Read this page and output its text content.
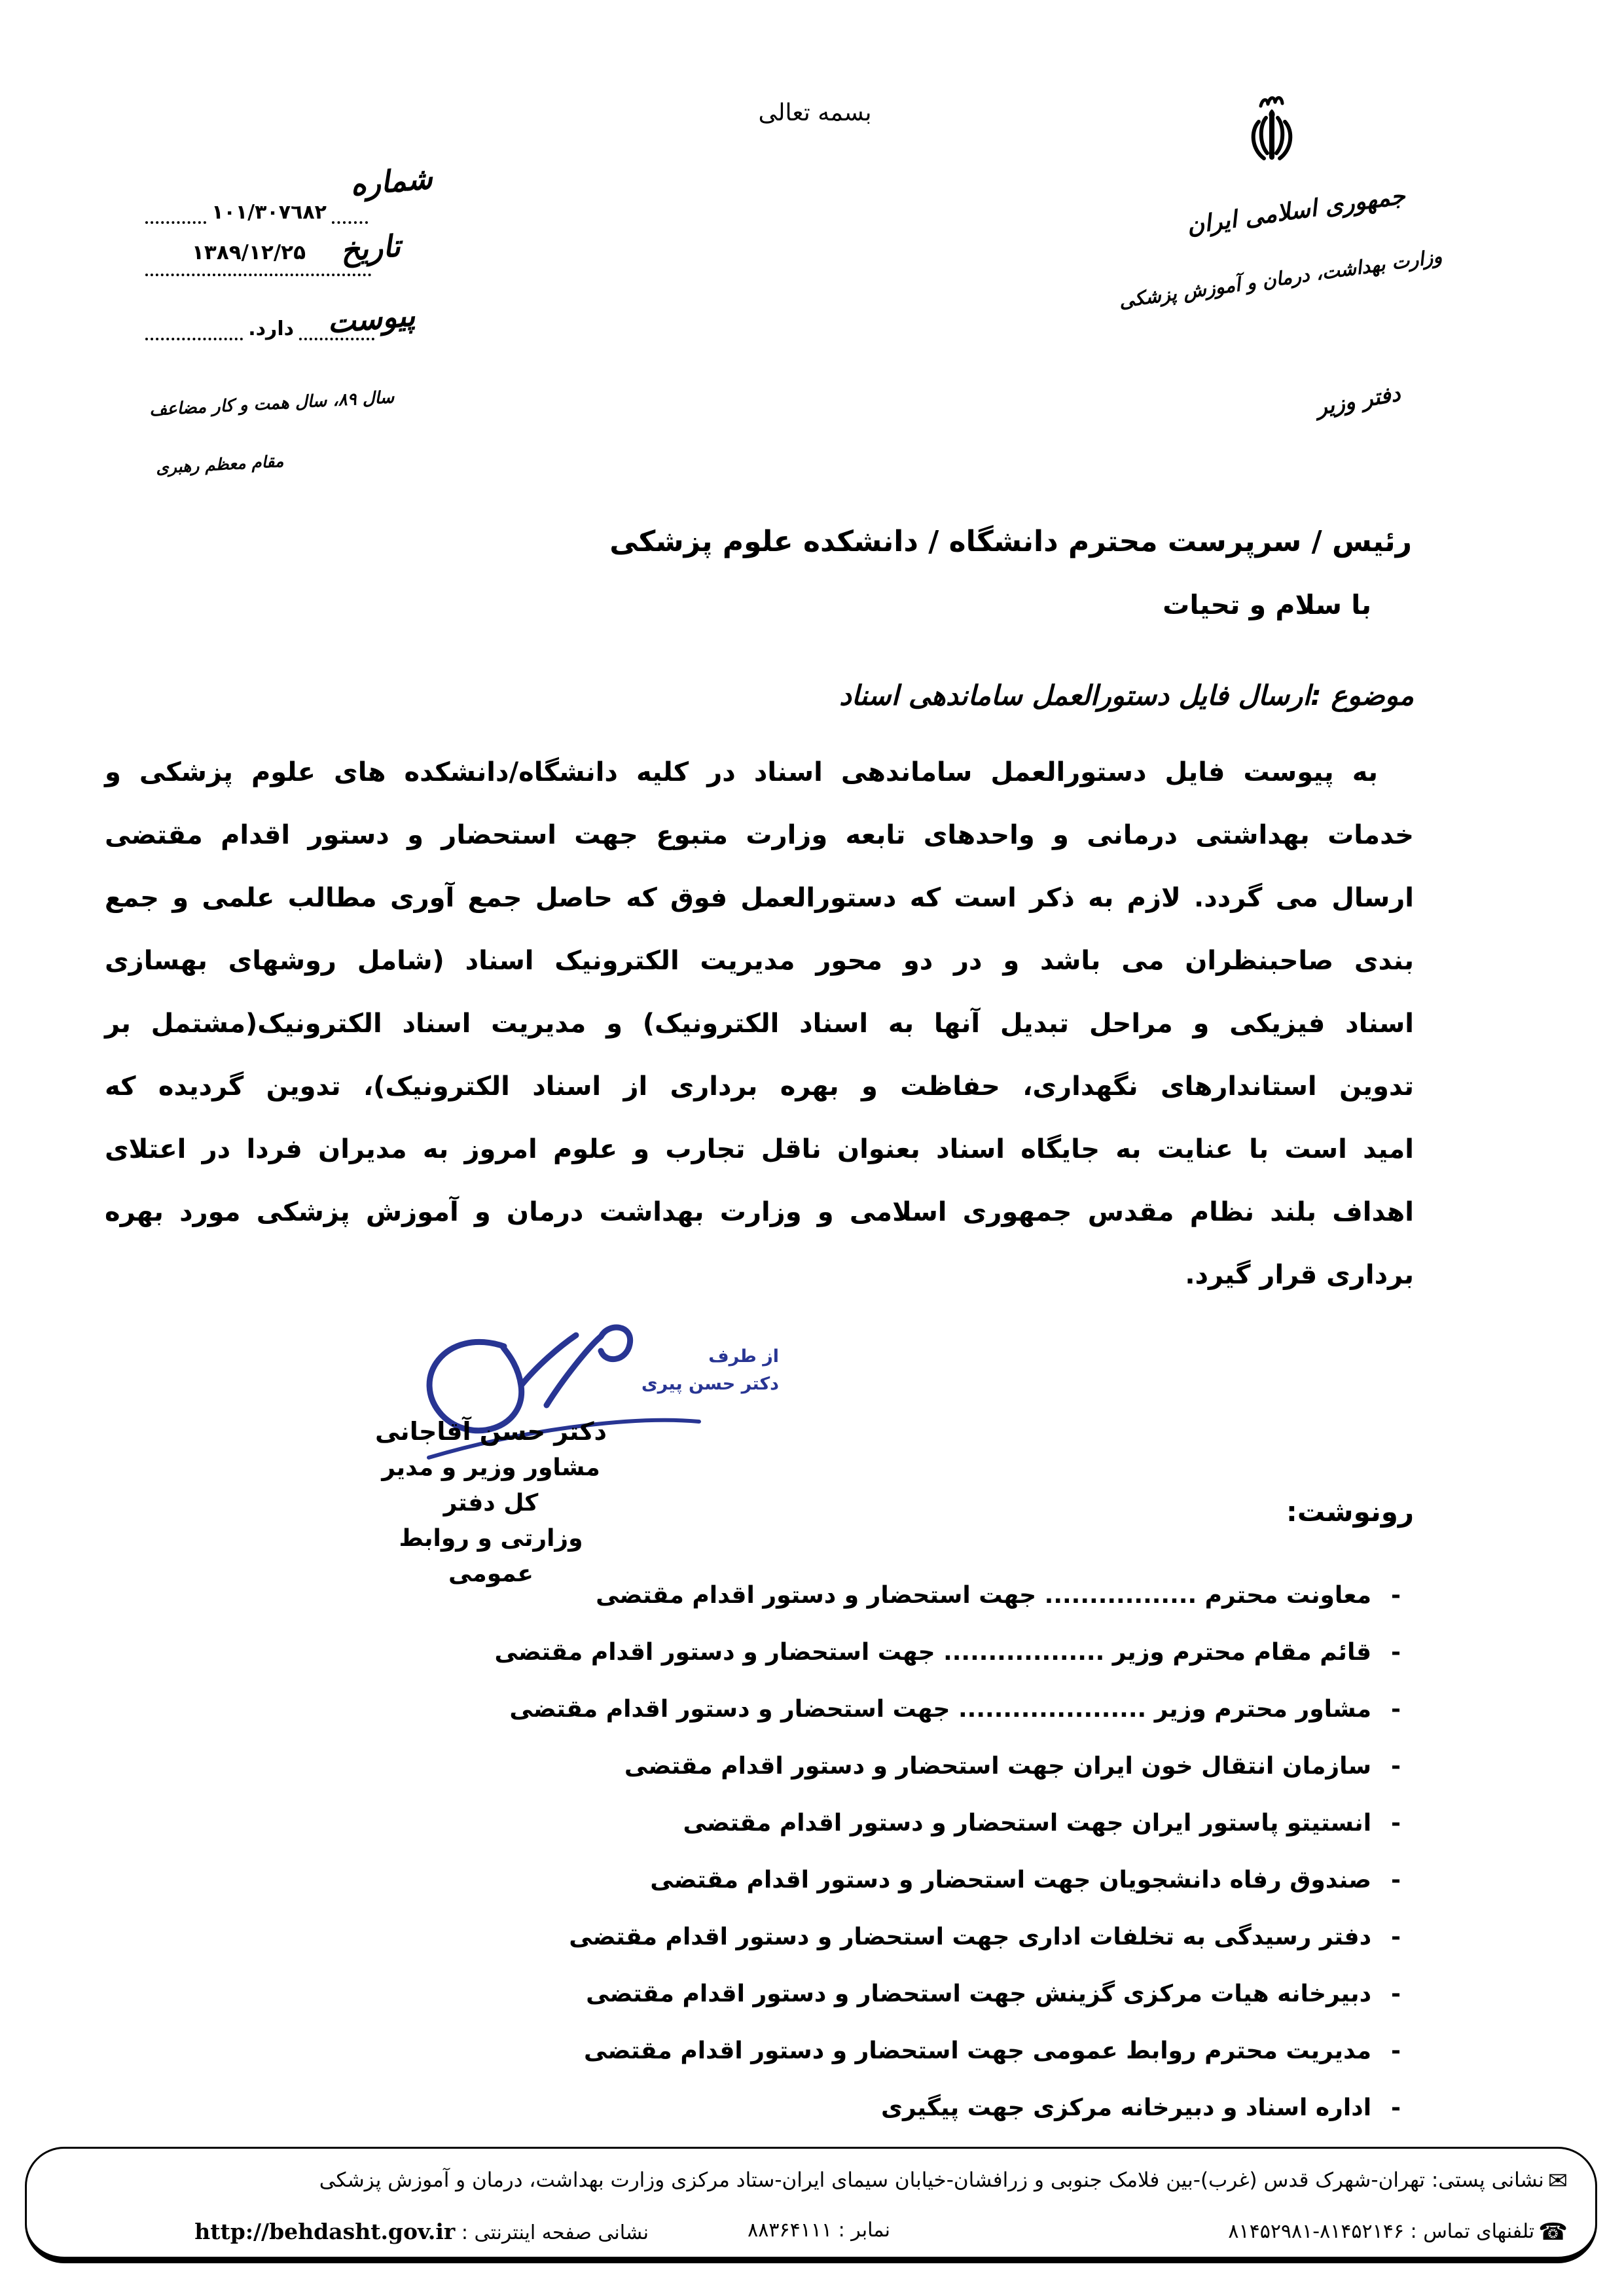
بسمه تعالی
جمهوری اسلامی ایران
وزارت بهداشت، درمان و آموزش پزشکی
دفتر وزیر
شماره
۱۰۱/۳۰۷٦۸۲
تاریخ
۱۳۸۹/۱۲/۲۵
پیوست
دارد.
سال ۸۹، سال همت و کار مضاعف
مقام معظم رهبری
رئیس / سرپرست محترم دانشگاه / دانشکده علوم پزشکی
با سلام و تحیات
موضوع :ارسال فایل دستورالعمل ساماندهی اسناد
به پیوست فایل دستورالعمل ساماندهی اسناد در کلیه دانشگاه/دانشکده های علوم پزشکی و
خدمات بهداشتی درمانی و واحدهای تابعه وزارت متبوع جهت استحضار و دستور اقدام مقتضی
ارسال می گردد. لازم به ذکر است که دستورالعمل فوق که حاصل جمع آوری مطالب علمی و جمع
بندی صاحبنظران می باشد و در دو محور مدیریت الکترونیک اسناد (شامل روشهای بهسازی
اسناد فیزیکی و مراحل تبدیل آنها به اسناد الکترونیک) و مدیریت اسناد الکترونیک(مشتمل بر
تدوین استاندارهای نگهداری، حفاظت و بهره برداری از اسناد الکترونیک)، تدوین گردیده که
امید است با عنایت به جایگاه اسناد بعنوان ناقل تجارب و علوم امروز به مدیران فردا در اعتلای
اهداف بلند نظام مقدس جمهوری اسلامی و وزارت بهداشت درمان و آموزش پزشکی مورد بهره
برداری قرار گیرد.
از طرف
دکتر حسن پیری
دکتر حسن آقاجانی
مشاور وزیر و مدیر کل دفتر
وزارتی و روابط عمومی
رونوشت:
-
معاونت محترم ................. جهت استحضار و دستور اقدام مقتضی
-
قائم مقام محترم وزیر .................. جهت استحضار و دستور اقدام مقتضی
-
مشاور محترم وزیر ..................... جهت استحضار و دستور اقدام مقتضی
-
سازمان انتقال خون ایران جهت استحضار و دستور اقدام مقتضی
-
انستیتو پاستور ایران جهت استحضار و دستور اقدام مقتضی
-
صندوق رفاه دانشجویان جهت استحضار و دستور اقدام مقتضی
-
دفتر رسیدگی به تخلفات اداری جهت استحضار و دستور اقدام مقتضی
-
دبیرخانه هیات مرکزی گزینش جهت استحضار و دستور اقدام مقتضی
-
مدیریت محترم روابط عمومی جهت استحضار و دستور اقدام مقتضی
-
اداره اسناد و دبیرخانه مرکزی جهت پیگیری
✉نشانی پستی: تهران-شهرک قدس (غرب)-بین فلامک جنوبی و زرافشان-خیابان سیمای ایران-ستاد مرکزی وزارت بهداشت، درمان و آموزش پزشکی
☎تلفنهای تماس : ۸۱۴۵۲۹۸۱-۸۱۴۵۲۱۴۶
نمابر : ۸۸۳۶۴۱۱۱
نشانی صفحه اینترنتی : http://behdasht.gov.ir
